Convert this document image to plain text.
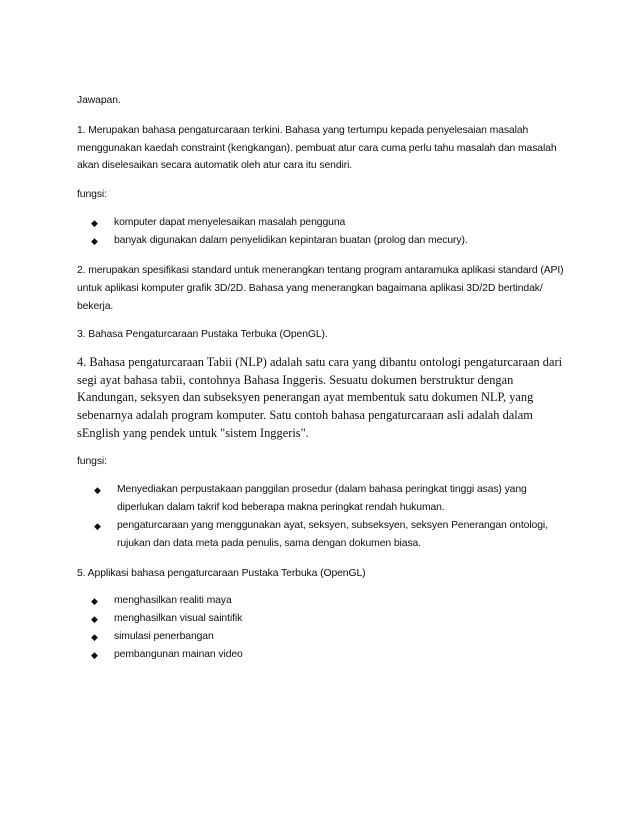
Jawapan.

1. Merupakan bahasa pengaturcaraan terkini. Bahasa yang tertumpu kepada penyelesaian masalah menggunakan kaedah constraint (kengkangan). pembuat atur cara cuma perlu tahu masalah dan masalah akan diselesaikan secara automatik oleh atur cara itu sendiri.

fungsi:

◆ komputer dapat menyelesaikan masalah pengguna
◆ banyak digunakan dalam penyelidikan kepintaran buatan (prolog dan mecury).

2. merupakan spesifikasi standard untuk menerangkan tentang program antaramuka aplikasi standard (API) untuk aplikasi komputer grafik 3D/2D. Bahasa yang menerangkan bagaimana aplikasi 3D/2D bertindak/ bekerja.

3. Bahasa Pengaturcaraan Pustaka Terbuka (OpenGL).

4. Bahasa pengaturcaraan Tabii (NLP) adalah satu cara yang dibantu ontologi pengaturcaraan dari segi ayat bahasa tabii, contohnya Bahasa Inggeris. Sesuatu dokumen berstruktur dengan Kandungan, seksyen dan subseksyen penerangan ayat membentuk satu dokumen NLP, yang sebenarnya adalah program komputer. Satu contoh bahasa pengaturcaraan asli adalah dalam sEnglish yang pendek untuk "sistem Inggeris".

fungsi:

◆ Menyediakan perpustakaan panggilan prosedur (dalam bahasa peringkat tinggi asas) yang diperlukan dalam takrif kod beberapa makna peringkat rendah hukuman.
◆ pengaturcaraan yang menggunakan ayat, seksyen, subseksyen, seksyen Penerangan ontologi, rujukan dan data meta pada penulis, sama dengan dokumen biasa.

5. Applikasi bahasa pengaturcaraan Pustaka Terbuka (OpenGL)

◆ menghasilkan realiti maya
◆ menghasilkan visual saintifik
◆ simulasi penerbangan
◆ pembangunan mainan video
